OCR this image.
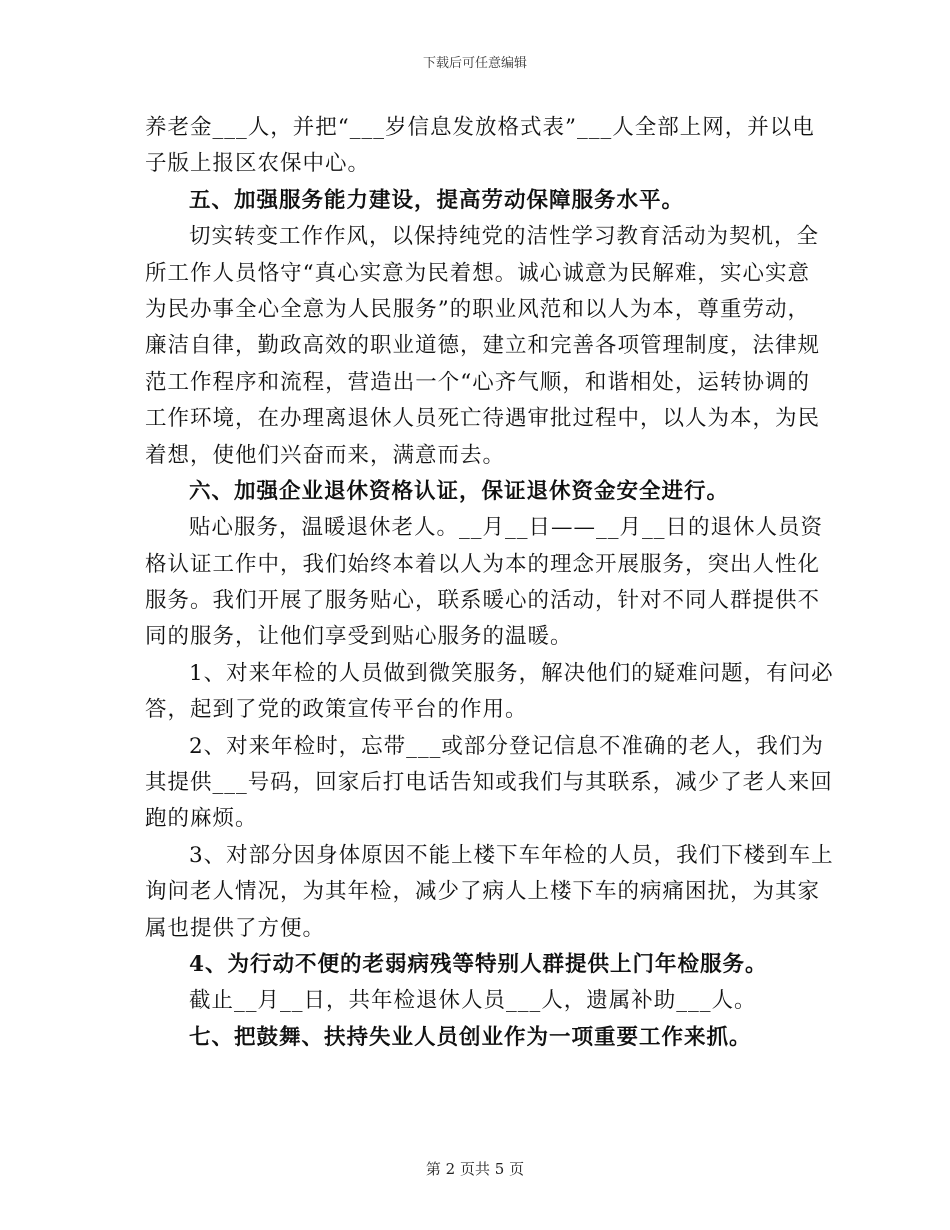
下载后可任意编辑
养老金___人，并把“___岁信息发放格式表”___人全部上网，并以电
子版上报区农保中心。
五、加强服务能力建设，提高劳动保障服务水平。
切实转变工作作风，以保持纯党的洁性学习教育活动为契机，全
所工作人员恪守“真心实意为民着想。诚心诚意为民解难，实心实意
为民办事全心全意为人民服务”的职业风范和以人为本，尊重劳动，
廉洁自律，勤政高效的职业道德，建立和完善各项管理制度，法律规
范工作程序和流程，营造出一个“心齐气顺，和谐相处，运转协调的
工作环境，在办理离退休人员死亡待遇审批过程中，以人为本，为民
着想，使他们兴奋而来，满意而去。
六、加强企业退休资格认证，保证退休资金安全进行。
贴心服务，温暖退休老人。__月__日——__月__日的退休人员资
格认证工作中，我们始终本着以人为本的理念开展服务，突出人性化
服务。我们开展了服务贴心，联系暖心的活动，针对不同人群提供不
同的服务，让他们享受到贴心服务的温暖。
1、对来年检的人员做到微笑服务，解决他们的疑难问题，有问必
答，起到了党的政策宣传平台的作用。
2、对来年检时，忘带___或部分登记信息不准确的老人，我们为
其提供___号码，回家后打电话告知或我们与其联系，减少了老人来回
跑的麻烦。
3、对部分因身体原因不能上楼下车年检的人员，我们下楼到车上
询问老人情况，为其年检，减少了病人上楼下车的病痛困扰，为其家
属也提供了方便。
4、为行动不便的老弱病残等特别人群提供上门年检服务。
截止__月__日，共年检退休人员___人，遗属补助___人。
七、把鼓舞、扶持失业人员创业作为一项重要工作来抓。
第 2 页共 5 页
